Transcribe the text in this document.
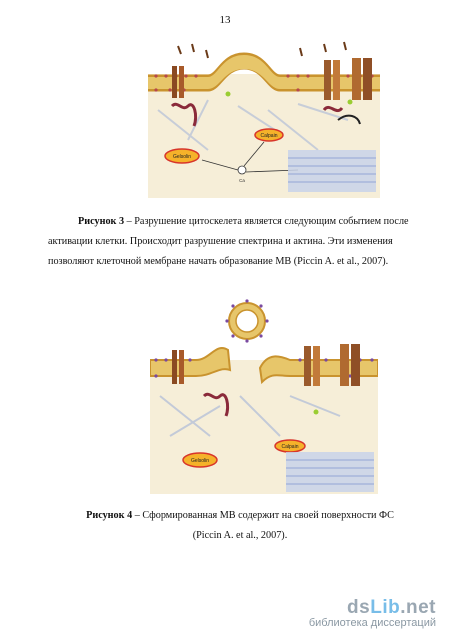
13
Calpain
Gelsolin
Ca
Рисунок 3 – Разрушение цитоскелета является следующим событием после
активации клетки. Происходит разрушение спектрина и актина. Эти изменения
позволяют клеточной мембране начать образование МВ (Piccin A. et al., 2007).
Calpain
Gelsolin
Рисунок 4 – Сформированная МВ содержит на своей поверхности ФС
(Piccin A. et al., 2007).
dsLib.net
библиотека диссертаций
